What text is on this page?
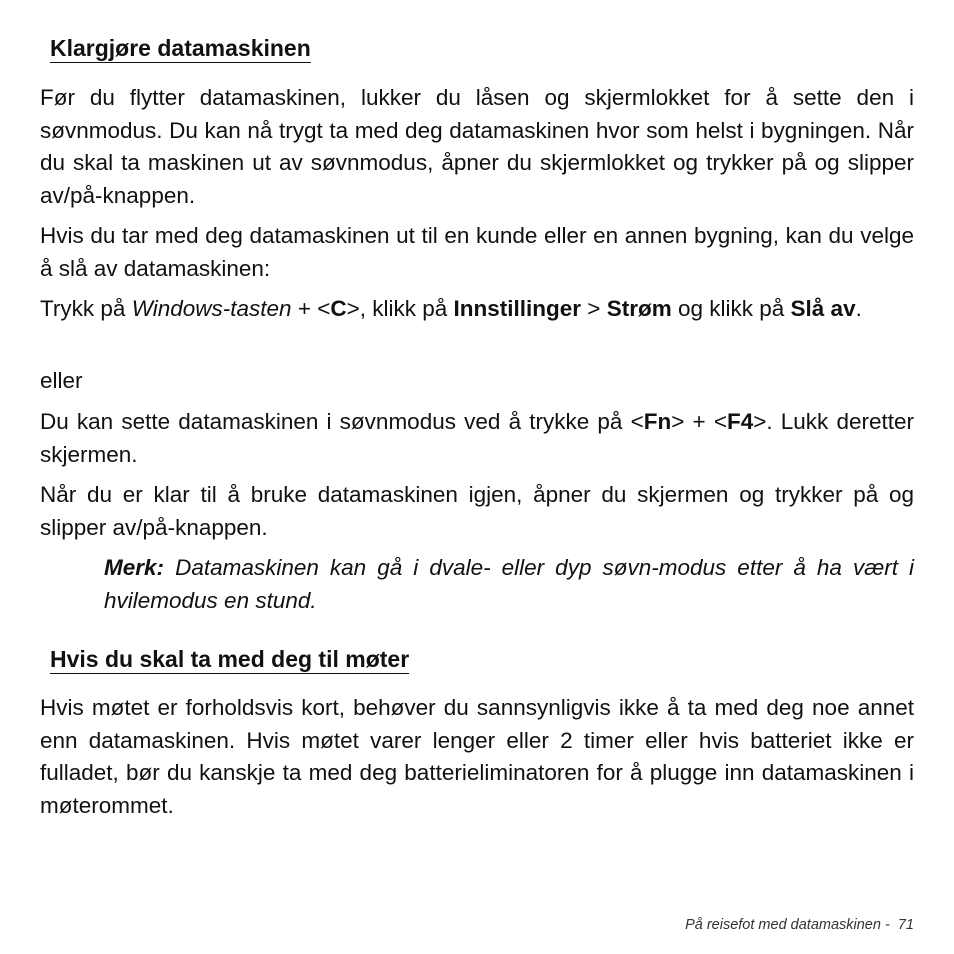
Klargjøre datamaskinen

Før du flytter datamaskinen, lukker du låsen og skjermlokket for å sette den i søvnmodus. Du kan nå trygt ta med deg datamaskinen hvor som helst i bygningen. Når du skal ta maskinen ut av søvnmodus, åpner du skjermlokket og trykker på og slipper av/på-knappen.

Hvis du tar med deg datamaskinen ut til en kunde eller en annen bygning, kan du velge å slå av datamaskinen:

Trykk på Windows-tasten + <C>, klikk på Innstillinger > Strøm og klikk på Slå av.

eller

Du kan sette datamaskinen i søvnmodus ved å trykke på <Fn> + <F4>. Lukk deretter skjermen.

Når du er klar til å bruke datamaskinen igjen, åpner du skjermen og trykker på og slipper av/på-knappen.

Merk: Datamaskinen kan gå i dvale- eller dyp søvn-modus etter å ha vært i hvilemodus en stund.

Hvis du skal ta med deg til møter

Hvis møtet er forholdsvis kort, behøver du sannsynligvis ikke å ta med deg noe annet enn datamaskinen. Hvis møtet varer lenger eller 2 timer eller hvis batteriet ikke er fulladet, bør du kanskje ta med deg batterieliminatoren for å plugge inn datamaskinen i møterommet.

På reisefot med datamaskinen - 71
